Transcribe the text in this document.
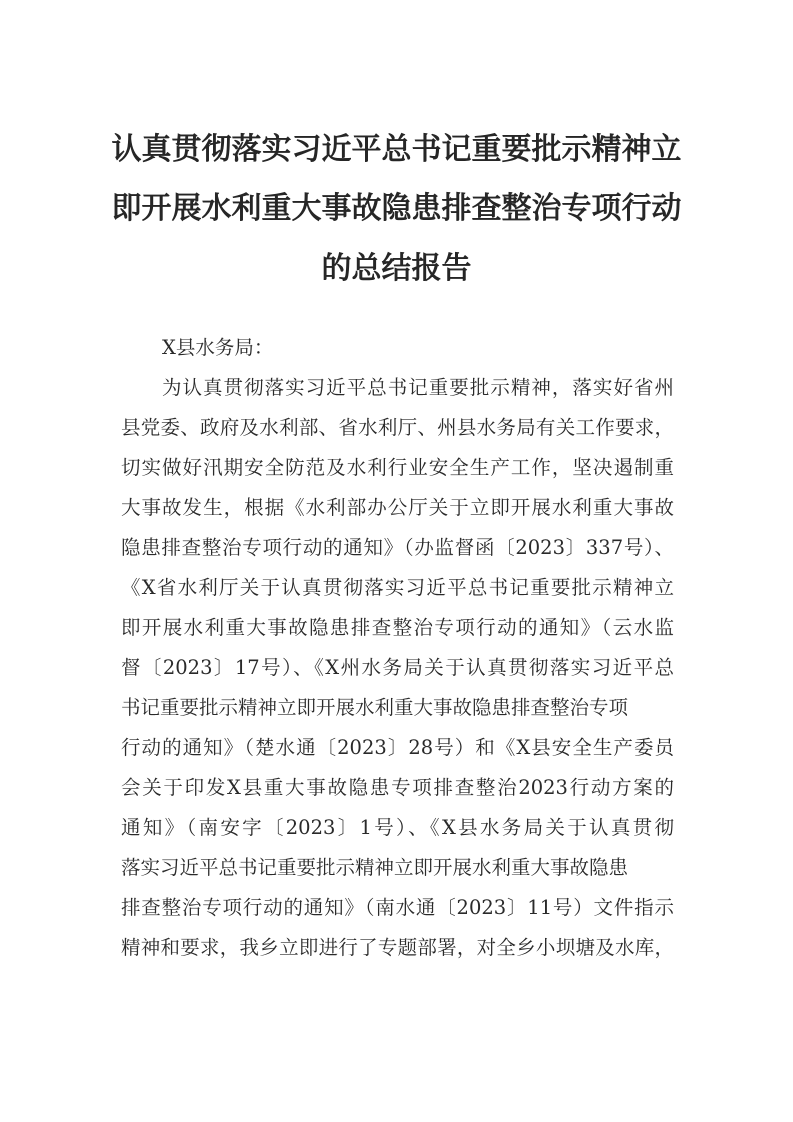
认真贯彻落实习近平总书记重要批示精神立
即开展水利重大事故隐患排查整治专项行动
的总结报告
X县水务局：
为认真贯彻落实习近平总书记重要批示精神，落实好省州
县党委、政府及水利部、省水利厅、州县水务局有关工作要求，
切实做好汛期安全防范及水利行业安全生产工作，坚决遏制重
大事故发生，根据《水利部办公厅关于立即开展水利重大事故
隐患排查整治专项行动的通知》（办监督函〔2023〕337号）、
《X省水利厅关于认真贯彻落实习近平总书记重要批示精神立
即开展水利重大事故隐患排查整治专项行动的通知》（云水监
督〔2023〕17号）、《X州水务局关于认真贯彻落实习近平总
书记重要批示精神立即开展水利重大事故隐患排查整治专项
行动的通知》（楚水通〔2023〕28号）和《X县安全生产委员
会关于印发X县重大事故隐患专项排查整治2023行动方案的
通知》（南安字〔2023〕1号）、《X县水务局关于认真贯彻
落实习近平总书记重要批示精神立即开展水利重大事故隐患
排查整治专项行动的通知》（南水通〔2023〕11号）文件指示
精神和要求，我乡立即进行了专题部署，对全乡小坝塘及水库，
